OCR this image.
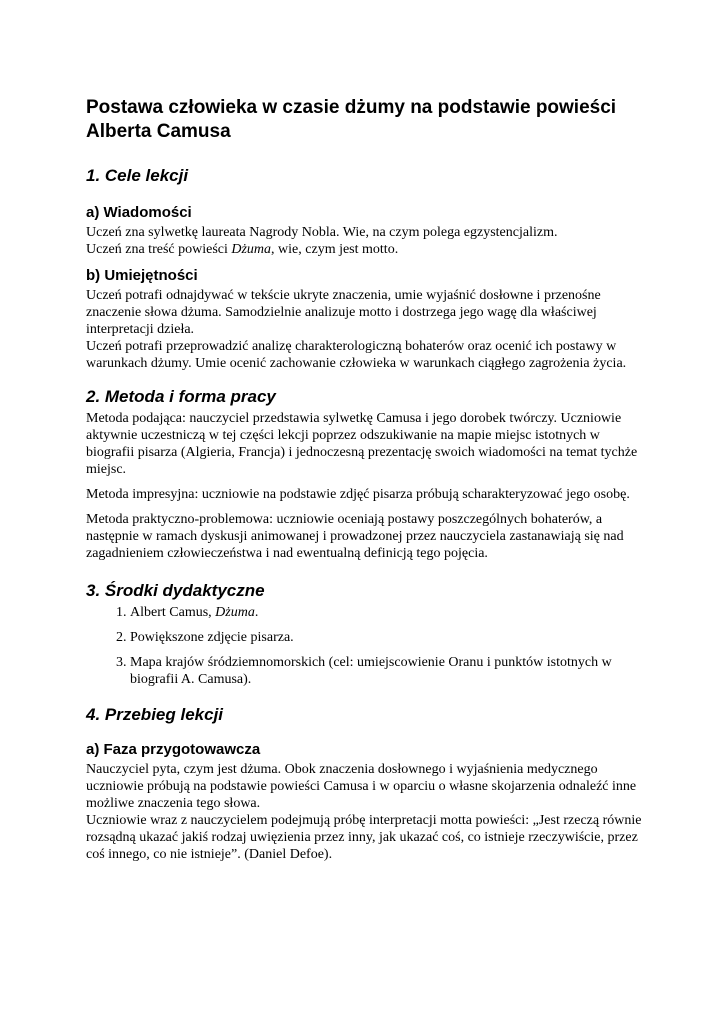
Postawa człowieka w czasie dżumy na podstawie powieści Alberta Camusa
1. Cele lekcji
a) Wiadomości

Uczeń zna sylwetkę laureata Nagrody Nobla. Wie, na czym polega egzystencjalizm.

Uczeń zna treść powieści Dżuma, wie, czym jest motto.

b) Umiejętności

Uczeń potrafi odnajdywać w tekście ukryte znaczenia, umie wyjaśnić dosłowne i przenośne znaczenie słowa dżuma. Samodzielnie analizuje motto i dostrzega jego wagę dla właściwej interpretacji dzieła.

Uczeń potrafi przeprowadzić analizę charakterologiczną bohaterów oraz ocenić ich postawy w warunkach dżumy. Umie ocenić zachowanie człowieka w warunkach ciągłego zagrożenia życia.

2. Metoda i forma pracy

Metoda podająca: nauczyciel przedstawia sylwetkę Camusa i jego dorobek twórczy. Uczniowie aktywnie uczestniczą w tej części lekcji poprzez odszukiwanie na mapie miejsc istotnych w biografii pisarza (Algieria, Francja) i jednoczesną prezentację swoich wiadomości na temat tychże miejsc.

Metoda impresyjna: uczniowie na podstawie zdjęć pisarza próbują scharakteryzować jego osobę.

Metoda praktyczno-problemowa: uczniowie oceniają postawy poszczególnych bohaterów, a następnie w ramach dyskusji animowanej i prowadzonej przez nauczyciela zastanawiają się nad zagadnieniem człowieczeństwa i nad ewentualną definicją tego pojęcia.

3. Środki dydaktyczne
1. Albert Camus, Dżuma.
2. Powiększone zdjęcie pisarza.
3. Mapa krajów śródziemnomorskich (cel: umiejscowienie Oranu i punktów istotnych w biografii A. Camusa).
4. Przebieg lekcji
a) Faza przygotowawcza

Nauczyciel pyta, czym jest dżuma. Obok znaczenia dosłownego i wyjaśnienia medycznego uczniowie próbują na podstawie powieści Camusa i w oparciu o własne skojarzenia odnaleźć inne możliwe znaczenia tego słowa.

Uczniowie wraz z nauczycielem podejmują próbę interpretacji motta powieści: „Jest rzeczą równie rozsądną ukazać jakiś rodzaj uwięzienia przez inny, jak ukazać coś, co istnieje rzeczywiście, przez coś innego, co nie istnieje”. (Daniel Defoe).
